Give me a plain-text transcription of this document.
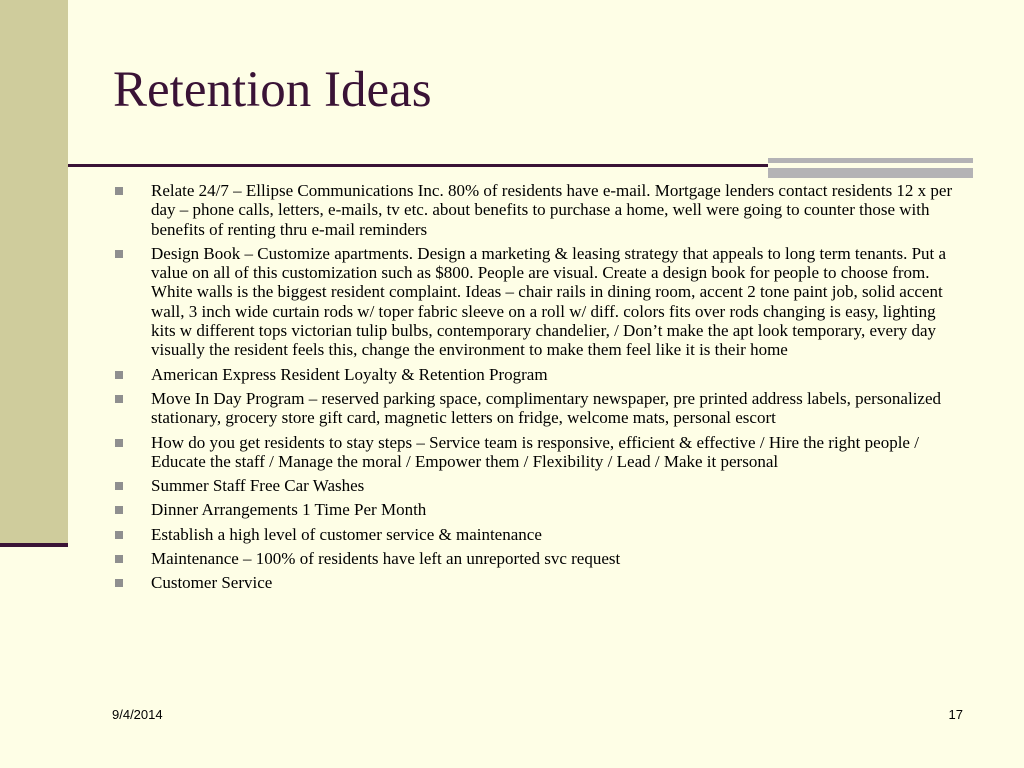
Retention Ideas
Relate 24/7 – Ellipse Communications Inc. 80% of residents have e-mail. Mortgage lenders contact residents 12 x per day – phone calls, letters, e-mails, tv etc. about benefits to purchase a home, well were going to counter those with benefits of renting thru e-mail reminders
Design Book – Customize apartments. Design a marketing & leasing strategy that appeals to long term tenants. Put a value on all of this customization such as $800. People are visual. Create a design book for people to choose from. White walls is the biggest resident complaint. Ideas – chair rails in dining room, accent 2 tone paint job, solid accent wall, 3 inch wide curtain rods w/ toper fabric sleeve on a roll w/ diff. colors fits over rods changing is easy, lighting kits w different tops victorian tulip bulbs, contemporary chandelier, / Don’t make the apt look temporary, every day visually the resident feels this, change the environment to make them feel like it is their home
American Express Resident Loyalty & Retention Program
Move In Day Program – reserved parking space, complimentary newspaper, pre printed address labels, personalized stationary, grocery store gift card, magnetic letters on fridge, welcome mats, personal escort
How do you get residents to stay steps – Service team is responsive, efficient & effective / Hire the right people / Educate the staff / Manage the moral / Empower them / Flexibility / Lead / Make it personal
Summer Staff Free Car Washes
Dinner Arrangements 1 Time Per Month
Establish a high level of customer service & maintenance
Maintenance – 100% of residents have left an unreported svc request
Customer Service
9/4/2014	17
